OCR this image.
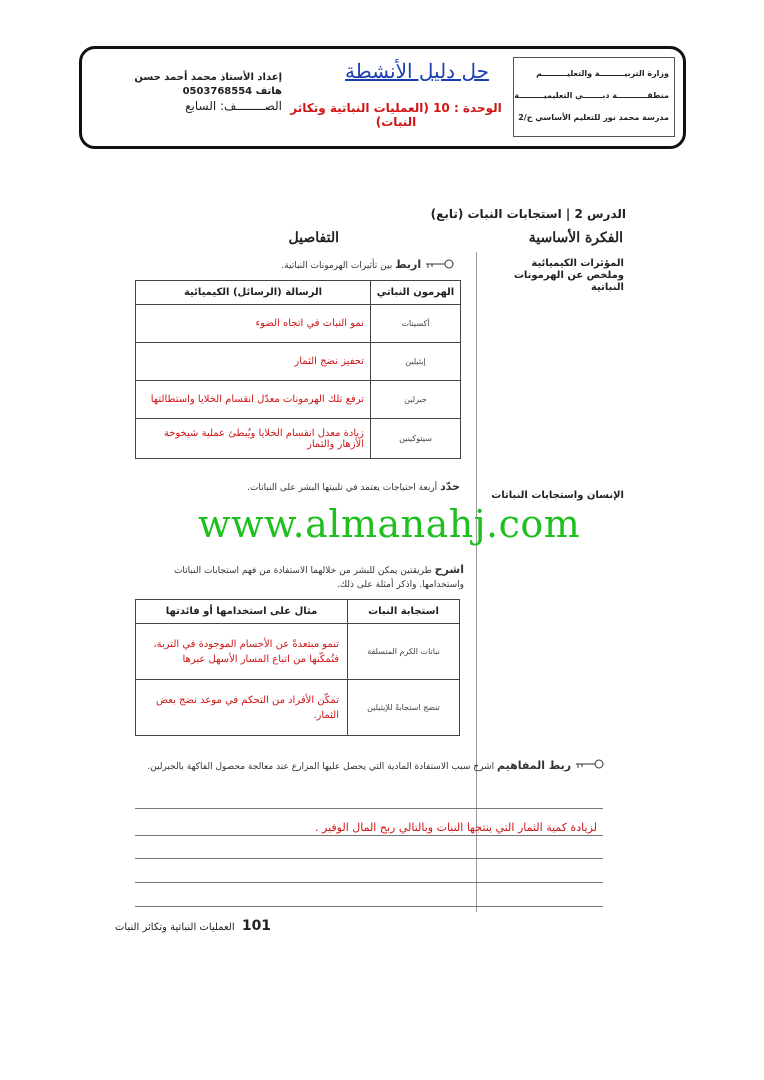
وزارة التربيـــــــــة والتعليـــــــــم
منطقـــــــــــة دبـــــــي التعليميـــــــــة
مدرسة محمد نور للتعليم الأساسي ح/2
حل دليل الأنشطة
الوحدة : 10 (العمليات النباتية وتكاثر النبات)
إعداد الأستاذ محمد أحمد حسن
هاتف 0503768554
الصــــــــف: السابع
الدرس 2 | استجابات النبات (تابع)
الفكرة الأساسية
التفاصيل
المؤثرات الكيميائية وملخص عن الهرمونات النباتية
الإنسان واستجابات النباتات
اربط بين تأثيرات الهرمونات النباتية.
الهرمون النباتي	الرسالة (الرسائل) الكيميائية
أكسينات	نمو النبات في اتجاه الضوء
إيثيلين	تحفيز نضج الثمار
جبرلين	ترفع تلك الهرمونات معدّل انقسام الخلايا واستطالتها
سيتوكينين	زيادة معدل انقسام الخلايا ويُبطئ عملية شيخوخة الأزهار والثمار
حدّد أربعة احتياجات يعتمد في تلبيتها البشر على النباتات.
www.almanahj.com
اشرح طريقتين يمكن للبشر من خلالهما الاستفادة من فهم استجابات النباتات واستخدامها. واذكر أمثلة على ذلك.
استجابة النبات	مثال على استخدامها أو فائدتها
نباتات الكرم المتسلقة	تنمو مبتعدةً عن الأجسام الموجودة في التربة، فتُمكّنها من اتباع المسار الأسهل عبرها
تنضج استجابةً للإيثيلين	تمكّن الأفراد من التحكم في موعد نضج بعض الثمار.
ربط المفاهيم اشرح سبب الاستفادة المادية التي يحصل عليها المزارع عند معالجة محصول الفاكهة بالجبرلين.
لزيادة كمية الثمار التي ينتجها النبات وبالتالي ربح المال الوفير .
101 العمليات النباتية وتكاثر النبات
